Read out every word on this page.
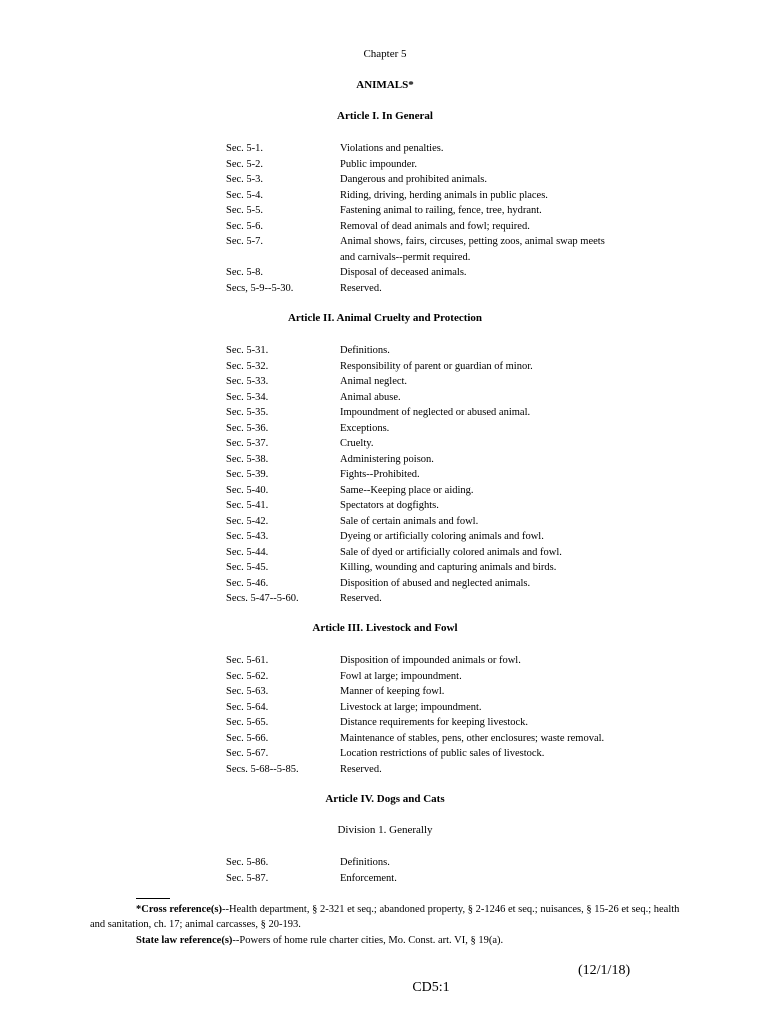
Chapter 5
ANIMALS*
Article I. In General
Sec. 5-1.	Violations and penalties.
Sec. 5-2.	Public impounder.
Sec. 5-3.	Dangerous and prohibited animals.
Sec. 5-4.	Riding, driving, herding animals in public places.
Sec. 5-5.	Fastening animal to railing, fence, tree, hydrant.
Sec. 5-6.	Removal of dead animals and fowl; required.
Sec. 5-7.	Animal shows, fairs, circuses, petting zoos, animal swap meets
and carnivals--permit required.
Sec. 5-8.	Disposal of deceased animals.
Secs, 5-9--5-30.	Reserved.
Article II. Animal Cruelty and Protection
Sec. 5-31.	Definitions.
Sec. 5-32.	Responsibility of parent or guardian of minor.
Sec. 5-33.	Animal neglect.
Sec. 5-34.	Animal abuse.
Sec. 5-35.	Impoundment of neglected or abused animal.
Sec. 5-36.	Exceptions.
Sec. 5-37.	Cruelty.
Sec. 5-38.	Administering poison.
Sec. 5-39.	Fights--Prohibited.
Sec. 5-40.	Same--Keeping place or aiding.
Sec. 5-41.	Spectators at dogfights.
Sec. 5-42.	Sale of certain animals and fowl.
Sec. 5-43.	Dyeing or artificially coloring animals and fowl.
Sec. 5-44.	Sale of dyed or artificially colored animals and fowl.
Sec. 5-45.	Killing, wounding and capturing animals and birds.
Sec. 5-46.	Disposition of abused and neglected animals.
Secs. 5-47--5-60.	Reserved.
Article III. Livestock and Fowl
Sec. 5-61.	Disposition of impounded animals or fowl.
Sec. 5-62.	Fowl at large; impoundment.
Sec. 5-63.	Manner of keeping fowl.
Sec. 5-64.	Livestock at large; impoundment.
Sec. 5-65.	Distance requirements for keeping livestock.
Sec. 5-66.	Maintenance of stables, pens, other enclosures; waste removal.
Sec. 5-67.	Location restrictions of public sales of livestock.
Secs. 5-68--5-85.	Reserved.
Article IV. Dogs and Cats
Division 1. Generally
Sec. 5-86.	Definitions.
Sec. 5-87.	Enforcement.
*Cross reference(s)--Health department, § 2-321 et seq.; abandoned property, § 2-1246 et seq.; nuisances, § 15-26 et seq.; health
and sanitation, ch. 17; animal carcasses, § 20-193.
State law reference(s)--Powers of home rule charter cities, Mo. Const. art. VI, § 19(a).
(12/1/18)
CD5:1
